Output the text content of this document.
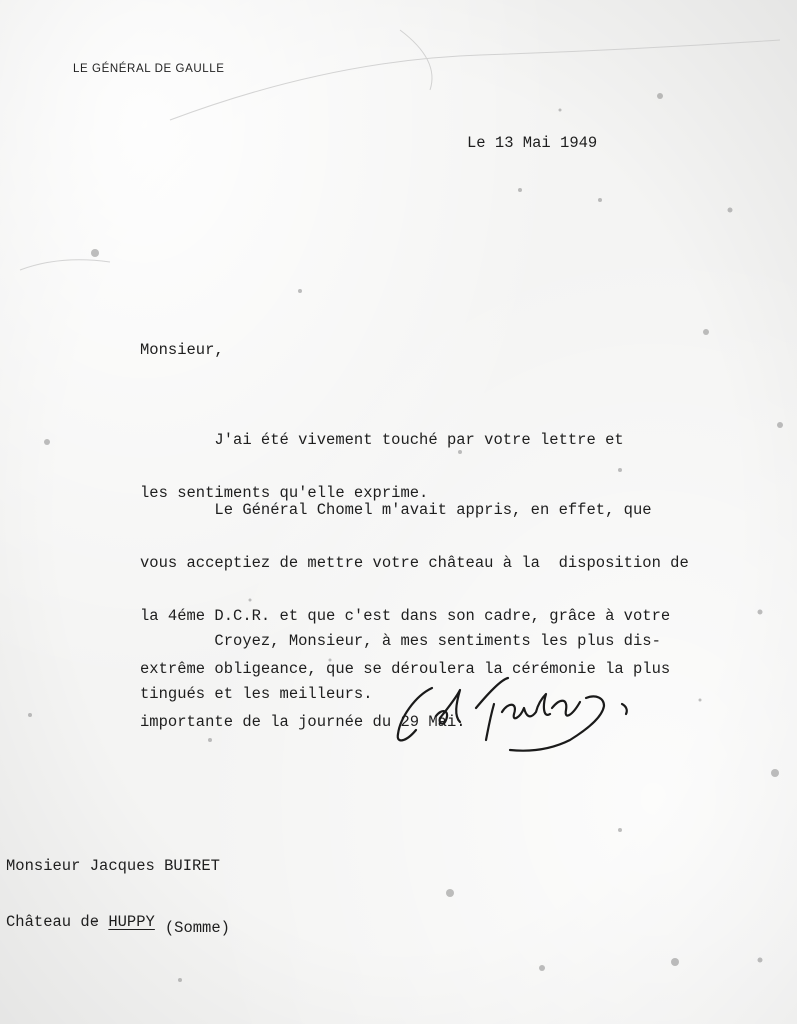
LE GÉNÉRAL DE GAULLE
Le 13 Mai 1949
Monsieur,

J'ai été vivement touché par votre lettre et

les sentiments qu'elle exprime.

Le Général Chomel m'avait appris, en effet, que

vous acceptiez de mettre votre château à la  disposition de

la 4éme D.C.R. et que c'est dans son cadre, grâce à votre

extrême obligeance, que se déroulera la cérémonie la plus

importante de la journée du 29 Mai.

Croyez, Monsieur, à mes sentiments les plus dis-

tingués et les meilleurs.

Monsieur Jacques BUIRET

Château de HUPPY (Somme)
